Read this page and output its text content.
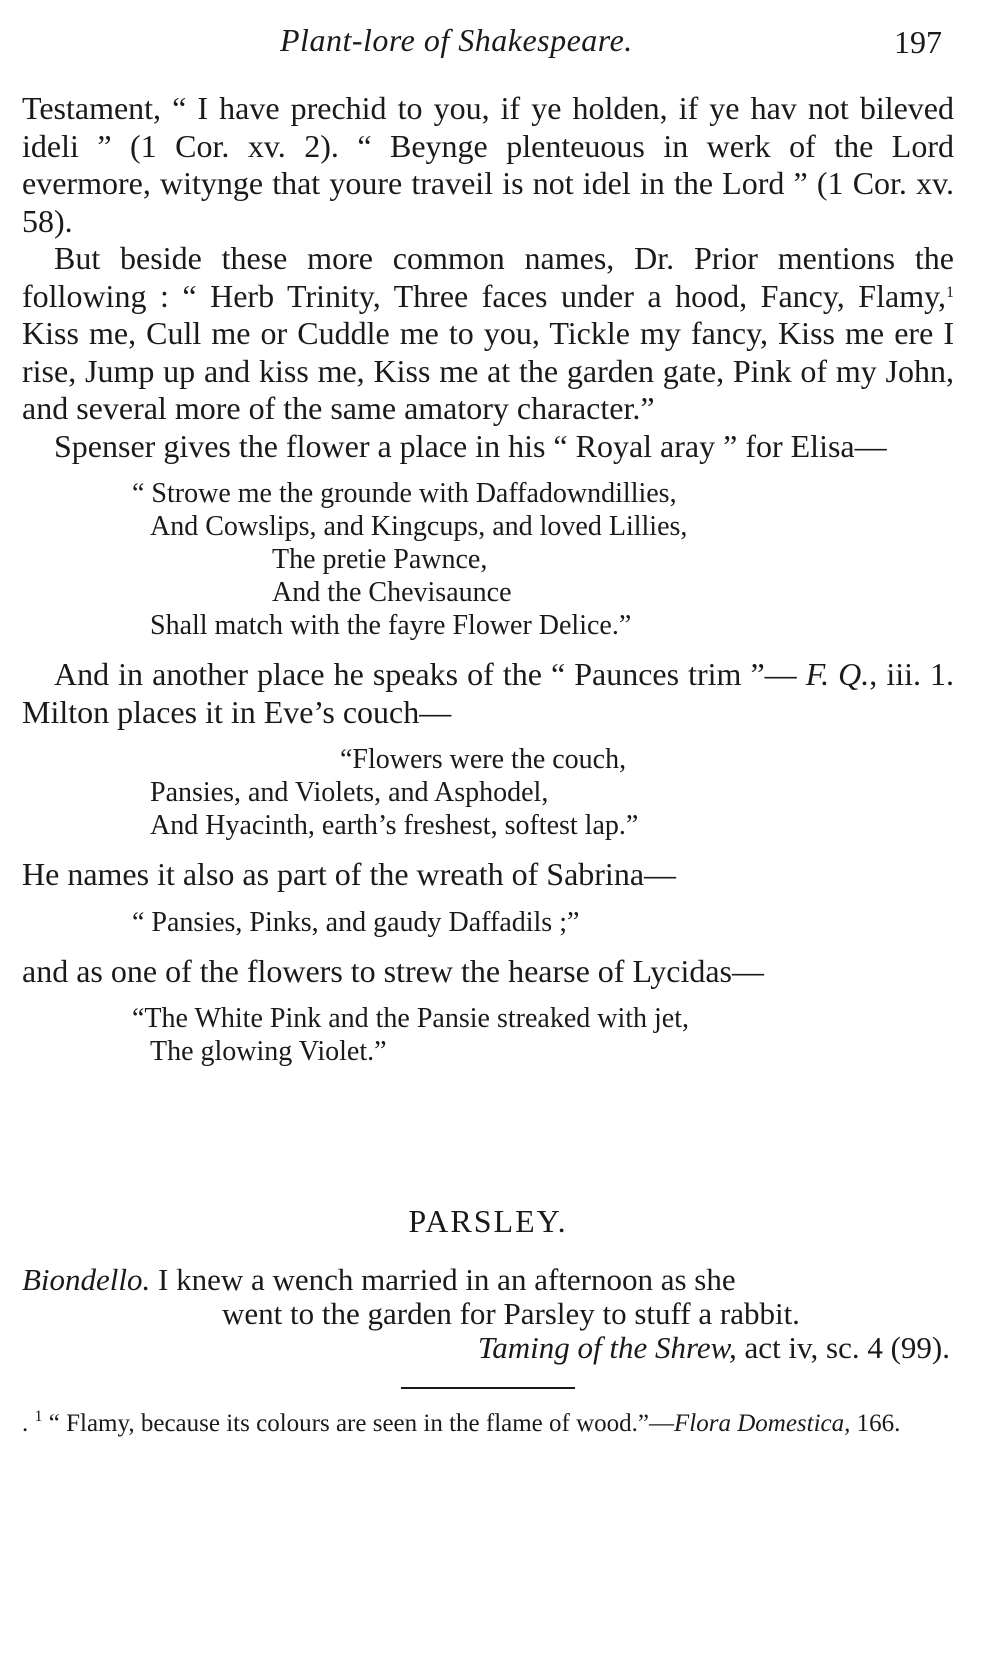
Plant-lore of Shakespeare.	197

Testament, “ I have prechid to you, if ye holden, if ye hav not bileved ideli ” (1 Cor. xv. 2). “ Beynge plenteuous in werk of the Lord evermore, witynge that youre traveil is not idel in the Lord ” (1 Cor. xv. 58).

But beside these more common names, Dr. Prior mentions the following : “ Herb Trinity, Three faces under a hood, Fancy, Flamy,$^1$ Kiss me, Cull me or Cuddle me to you, Tickle my fancy, Kiss me ere I rise, Jump up and kiss me, Kiss me at the garden gate, Pink of my John, and several more of the same amatory character.”

Spenser gives the flower a place in his “ Royal aray ” for Elisa—

“ Strowe me the grounde with Daffadowndillies,
And Cowslips, and Kingcups, and loved Lillies,
The pretie Pawnce,
And the Chevisaunce
Shall match with the fayre Flower Delice.”

And in another place he speaks of the “ Paunces trim ”— F. Q., iii. 1. Milton places it in Eve’s couch—

“Flowers were the couch,
Pansies, and Violets, and Asphodel,
And Hyacinth, earth’s freshest, softest lap.”

He names it also as part of the wreath of Sabrina—

“ Pansies, Pinks, and gaudy Daffadils ;”

and as one of the flowers to strew the hearse of Lycidas—

“The White Pink and the Pansie streaked with jet,
The glowing Violet.”
PARSLEY.
Biondello. I knew a wench married in an afternoon as she
went to the garden for Parsley to stuff a rabbit.
Taming of the Shrew, act iv, sc. 4 (99).
. $^1$ “ Flamy, because its colours are seen in the flame of wood.”—Flora Domestica, 166.
